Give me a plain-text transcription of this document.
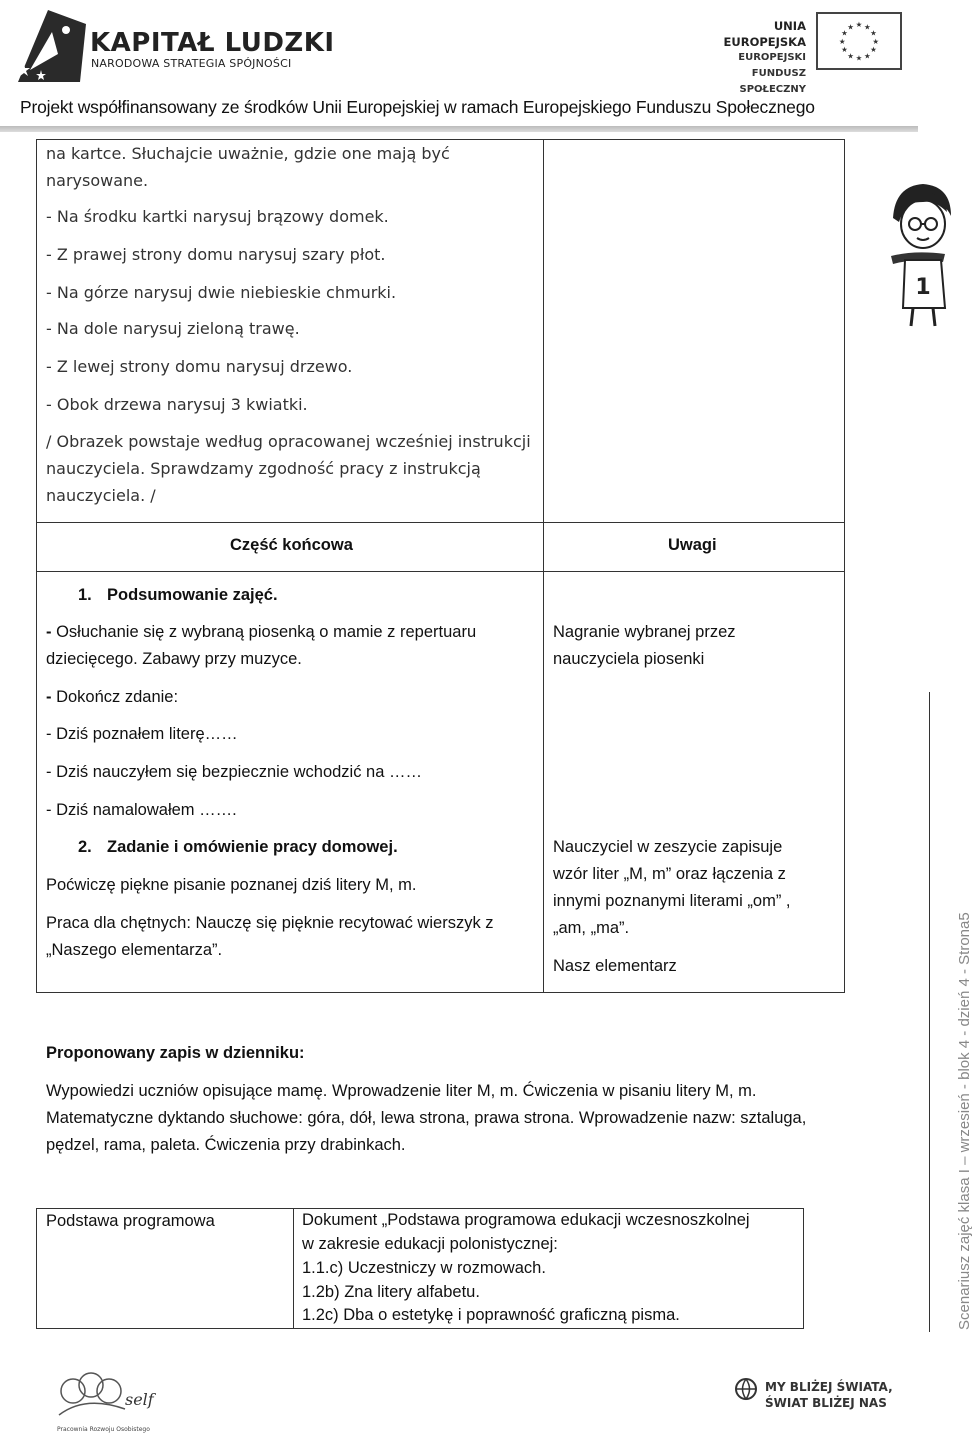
KAPITAŁ LUDZKI
NARODOWA STRATEGIA SPÓJNOŚCI
UNIA EUROPEJSKA
EUROPEJSKI
FUNDUSZ SPOŁECZNY
★
★
★
★
★
★
★
★
★ ★ ★
★
Projekt współfinansowany ze środków Unii Europejskiej w ramach Europejskiego Funduszu Społecznego
na kartce. Słuchajcie uważnie, gdzie one mają być
narysowane.
- Na środku kartki narysuj brązowy domek.
- Z prawej strony domu narysuj szary płot.
- Na górze narysuj dwie niebieskie chmurki.
- Na dole narysuj zieloną trawę.
- Z lewej strony domu narysuj drzewo.
- Obok drzewa narysuj 3 kwiatki.
/ Obrazek powstaje według opracowanej wcześniej instrukcji
nauczyciela. Sprawdzamy zgodność pracy z instrukcją
nauczyciela. /
Część końcowa	Uwagi
1. Podsumowanie zajęć.
- Osłuchanie się z wybraną piosenką o mamie z repertuaru
dziecięcego. Zabawy przy muzyce.
Nagranie wybranej przez
nauczyciela piosenki
- Dokończ zdanie:
- Dziś poznałem literę……
- Dziś nauczyłem się bezpiecznie wchodzić na ……
- Dziś namalowałem …….
2. Zadanie i omówienie pracy domowej.
Poćwiczę piękne pisanie poznanej dziś litery M, m.
Praca dla chętnych: Nauczę się pięknie recytować wierszyk z
„Naszego elementarza”.
Nauczyciel w zeszycie zapisuje
wzór liter „M, m” oraz łączenia z
innymi poznanymi literami „om” ,
„am, „ma”.
Nasz elementarz
Proponowany zapis w dzienniku:
Wypowiedzi uczniów opisujące mamę. Wprowadzenie liter M, m. Ćwiczenia w pisaniu litery M, m.
Matematyczne dyktando słuchowe: góra, dół, lewa strona, prawa strona. Wprowadzenie nazw: sztaluga,
pędzel, rama, paleta. Ćwiczenia przy drabinkach.
Podstawa programowa	Dokument „Podstawa programowa edukacji wczesnoszkolnej
w zakresie edukacji polonistycznej:
1.1.c) Uczestniczy w rozmowach.
1.2b) Zna litery alfabetu.
1.2c) Dba o estetykę i poprawność graficzną pisma.
1
Scenariusz zajęć klasa I – wrzesień - blok 4 - dzień 4 - Strona5
self
Pracownia Rozwoju Osobistego
MY BLIŻEJ ŚWIATA,
ŚWIAT BLIŻEJ NAS
